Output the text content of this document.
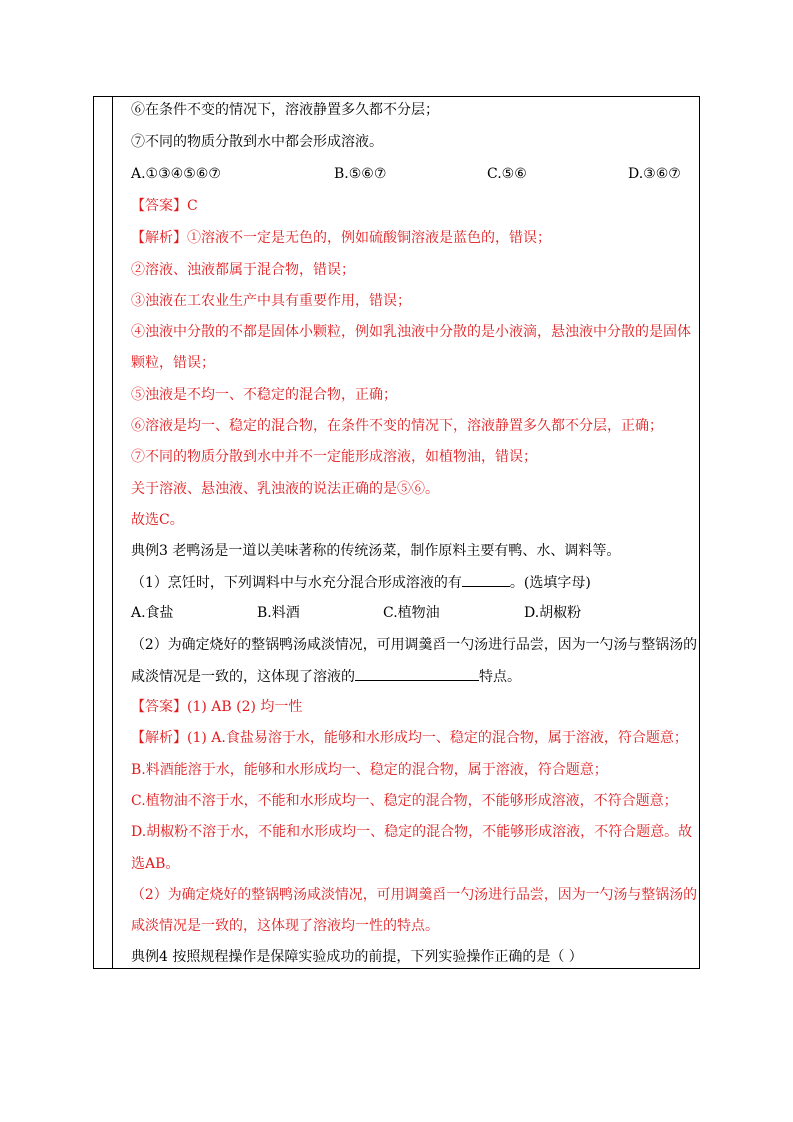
⑥在条件不变的情况下，溶液静置多久都不分层；
⑦不同的物质分散到水中都会形成溶液。
A.①③④⑤⑥⑦	B.⑤⑥⑦	C.⑤⑥	D.③⑥⑦
【答案】C
【解析】①溶液不一定是无色的，例如硫酸铜溶液是蓝色的，错误；
②溶液、浊液都属于混合物，错误；
③浊液在工农业生产中具有重要作用，错误；
④浊液中分散的不都是固体小颗粒，例如乳浊液中分散的是小液滴，悬浊液中分散的是固体
颗粒，错误；
⑤浊液是不均一、不稳定的混合物，正确；
⑥溶液是均一、稳定的混合物，在条件不变的情况下，溶液静置多久都不分层，正确；
⑦不同的物质分散到水中并不一定能形成溶液，如植物油，错误；
关于溶液、悬浊液、乳浊液的说法正确的是⑤⑥。
故选C。
典例3 老鸭汤是一道以美味著称的传统汤菜，制作原料主要有鸭、水、调料等。
（1）烹饪时，下列调料中与水充分混合形成溶液的有	。(选填字母)
A.食盐	B.料酒	C.植物油	D.胡椒粉
（2）为确定烧好的整锅鸭汤咸淡情况，可用调羹舀一勺汤进行品尝，因为一勺汤与整锅汤的
咸淡情况是一致的，这体现了溶液的	特点。
【答案】(1) AB (2) 均一性
【解析】(1) A.食盐易溶于水，能够和水形成均一、稳定的混合物，属于溶液，符合题意；
B.料酒能溶于水，能够和水形成均一、稳定的混合物，属于溶液，符合题意；
C.植物油不溶于水，不能和水形成均一、稳定的混合物，不能够形成溶液，不符合题意；
D.胡椒粉不溶于水，不能和水形成均一、稳定的混合物，不能够形成溶液，不符合题意。故
选AB。
（2）为确定烧好的整锅鸭汤咸淡情况，可用调羹舀一勺汤进行品尝，因为一勺汤与整锅汤的
咸淡情况是一致的，这体现了溶液均一性的特点。
典例4 按照规程操作是保障实验成功的前提，下列实验操作正确的是（ ）
